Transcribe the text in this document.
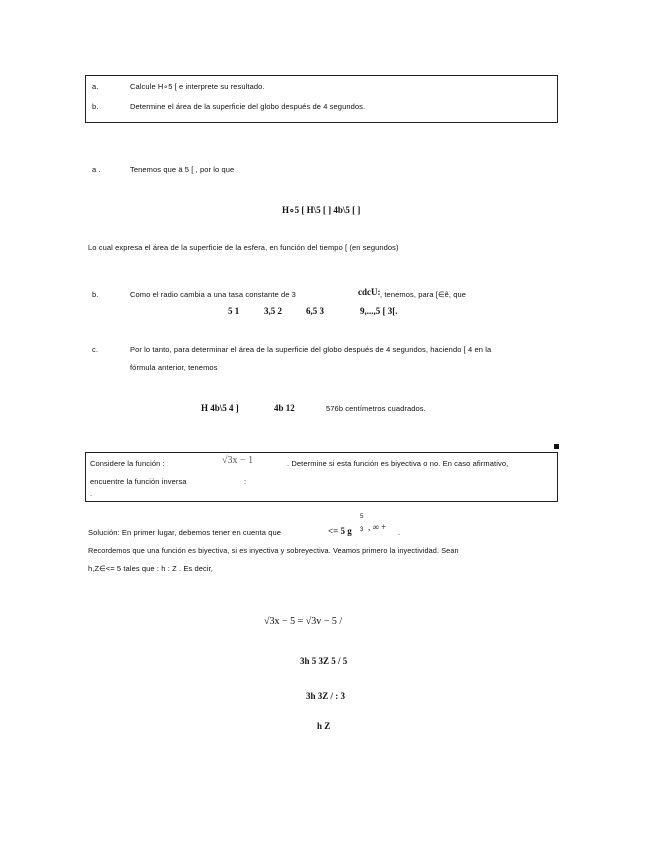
a.	Calcule H∘5 [ e interprete su resultado.
b.	Determine el área de la superficie del globo después de 4 segundos.
a .	Tenemos que ä 5 [ , por lo que
H∘5 [ H\5 [ ] 4b\5 [ ]
Lo cual expresa el área de la superficie de la esfera, en función del tiempo [ (en segundos)
b.	Como el radio cambia a una tasa constante de 3	cdcU: , tenemos, para [∈ê, que
5 1	3,5 2	6,5 3	9,...,5 [ 3[.
c.	Por lo tanto, para determinar el área de la superficie del globo después de 4 segundos, haciendo [ 4 en la
fórmula anterior, tenemos
H 4b\5 4 ]	4b 12	576b centímetros cuadrados.
Considere la función :	√3x − 1	. Determine si esta función es biyectiva o no. En caso afirmativo,
encuentre la función inversa	:
.
Solución: En primer lugar, debemos tener en cuenta que	<= 5 g
5
3 , ∞ +
.
Recordemos que una función es biyectiva, si es inyectiva y sobreyectiva. Veamos primero la inyectividad. Sean
h,Z∈<= 5 tales que : h : Z . Es decir,
√3x − 5 = √3v − 5 /
3h 5 3Z 5 / 5
3h 3Z / : 3
h Z
